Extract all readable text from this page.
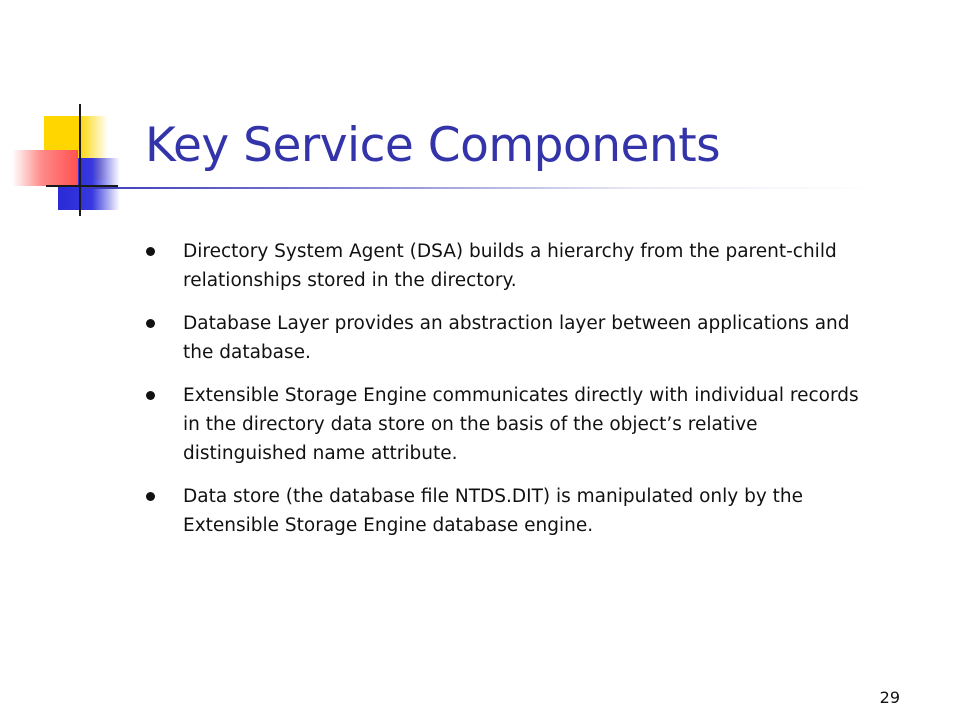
Key Service Components
Directory System Agent (DSA) builds a hierarchy from the parent-child relationships stored in the directory.
Database Layer provides an abstraction layer between applications and the database.
Extensible Storage Engine communicates directly with individual records in the directory data store on the basis of the object’s relative distinguished name attribute.
Data store (the database file NTDS.DIT) is manipulated only by the Extensible Storage Engine database engine.
29
